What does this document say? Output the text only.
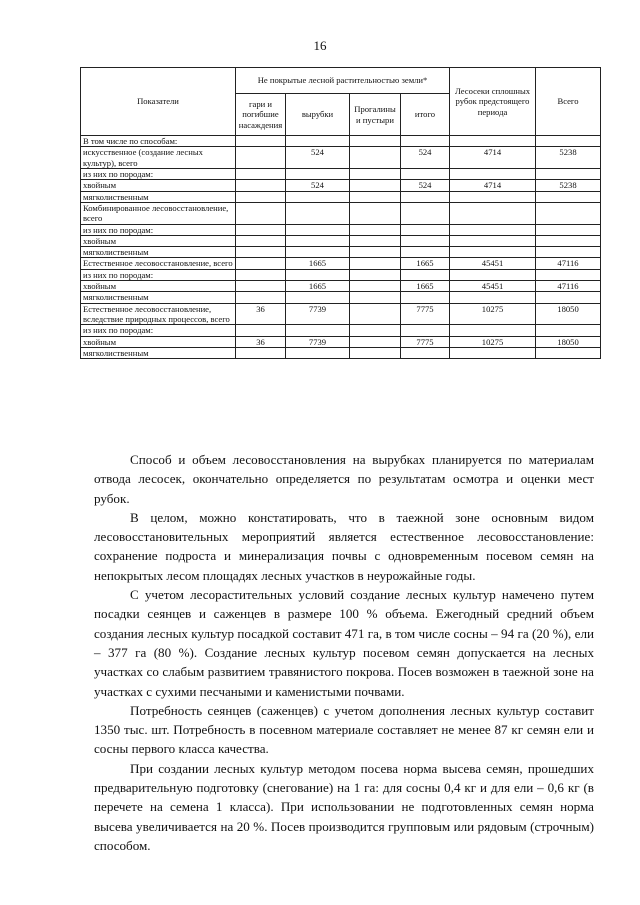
16
Показатели	Не покрытые лесной растительностью земли*				Лесосеки сплошных рубок предстоящего периода	Всего
	гари и погибшие насаждения	вырубки	Прогалины и пустыри	итого		
В том числе по способам:						
искусственное (создание лесных культур), всего		524		524	4714	5238
из них по породам:						
хвойным		524		524	4714	5238
мягколиственным						
Комбинированное лесовосстановление, всего						
из них по породам:						
хвойным						
мягколиственным						
Естественное лесовосстановление, всего		1665		1665	45451	47116
из них по породам:						
хвойным		1665		1665	45451	47116
мягколиственным						
Естественное лесовосстановление, вследствие природных процессов, всего	36	7739		7775	10275	18050
из них по породам:						
хвойным	36	7739		7775	10275	18050
мягколиственным						

Способ и объем лесовосстановления на вырубках планируется по материалам отвода лесосек, окончательно определяется по результатам осмотра и оценки мест рубок.

В целом, можно констатировать, что в таежной зоне основным видом лесовосстановительных мероприятий является естественное лесовосстановление: сохранение подроста и минерализация почвы с одновременным посевом семян на непокрытых лесом площадях лесных участков в неурожайные годы.

С учетом лесорастительных условий создание лесных культур намечено путем посадки сеянцев и саженцев в размере 100 % объема. Ежегодный средний объем создания лесных культур посадкой составит 471 га, в том числе сосны – 94 га (20 %), ели – 377 га (80 %). Создание лесных культур посевом семян допускается на лесных участках со слабым развитием травянистого покрова. Посев возможен в таежной зоне на участках с сухими песчаными и каменистыми почвами.

Потребность сеянцев (саженцев) с учетом дополнения лесных культур составит 1350 тыс. шт. Потребность в посевном материале составляет не менее 87 кг семян ели и сосны первого класса качества.

При создании лесных культур методом посева норма высева семян, прошедших предварительную подготовку (снегование) на 1 га: для сосны 0,4 кг и для ели – 0,6 кг (в перечете на семена 1 класса). При использовании не подготовленных семян норма высева увеличивается на 20 %. Посев производится групповым или рядовым (строчным) способом.
